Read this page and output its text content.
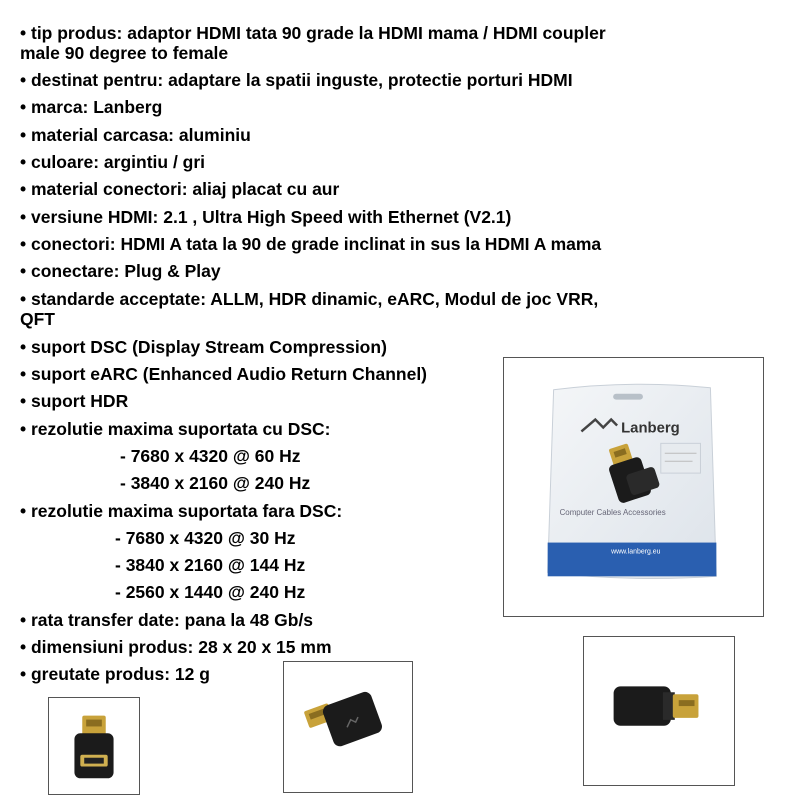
• tip produs: adaptor HDMI tata 90 grade la HDMI mama / HDMI coupler
male 90 degree to female
• destinat pentru: adaptare la spatii inguste, protectie porturi HDMI
• marca: Lanberg
• material carcasa: aluminiu
• culoare: argintiu / gri
• material conectori: aliaj placat cu aur
• versiune HDMI: 2.1 , Ultra High Speed with Ethernet (V2.1)
• conectori: HDMI A tata la 90 de grade inclinat in sus la HDMI A mama
• conectare: Plug & Play
• standarde acceptate: ALLM, HDR dinamic, eARC, Modul de joc VRR,
QFT
• suport DSC (Display Stream Compression)
• suport eARC (Enhanced Audio Return Channel)
• suport HDR
• rezolutie maxima suportata cu DSC:
- 7680 x 4320 @ 60 Hz
- 3840 x 2160 @ 240 Hz
• rezolutie maxima suportata fara DSC:
- 7680 x 4320 @ 30 Hz
- 3840 x 2160 @ 144 Hz
- 2560 x 1440 @ 240 Hz
• rata transfer date: pana la 48 Gb/s
• dimensiuni produs: 28 x 20 x 15 mm
• greutate produs: 12 g
Lanberg
Computer Cables Accessories
www.lanberg.eu
